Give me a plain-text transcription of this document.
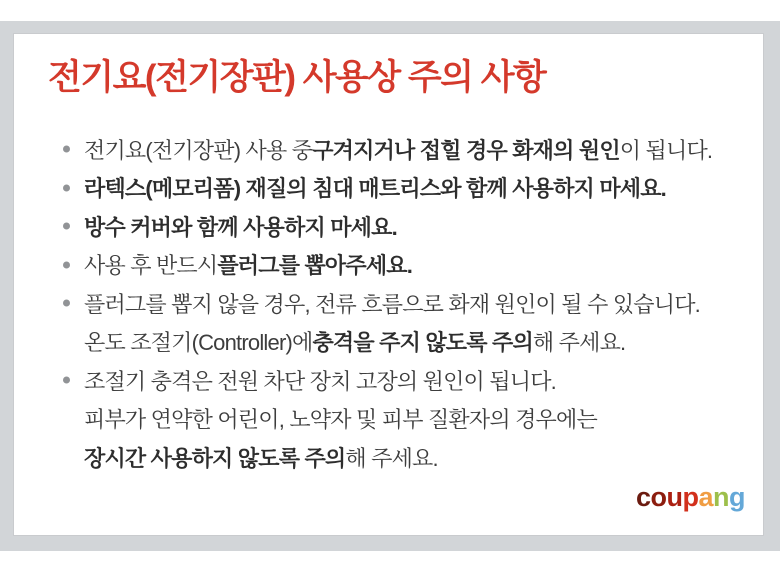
전기요(전기장판) 사용상 주의 사항
전기요(전기장판) 사용 중 구겨지거나 접힐 경우 화재의 원인 이 됩니다.
라텍스(메모리폼) 재질의 침대 매트리스와 함께 사용하지 마세요.
방수 커버와 함께 사용하지 마세요.
사용 후 반드시 플러그를 뽑아주세요.
플러그를 뽑지 않을 경우, 전류 흐름으로 화재 원인이 될 수 있습니다.
온도 조절기(Controller)에 충격을 주지 않도록 주의 해 주세요.
조절기 충격은 전원 차단 장치 고장의 원인이 됩니다.
피부가 연약한 어린이, 노약자 및 피부 질환자의 경우에는
장시간 사용하지 않도록 주의 해 주세요.
coupang
